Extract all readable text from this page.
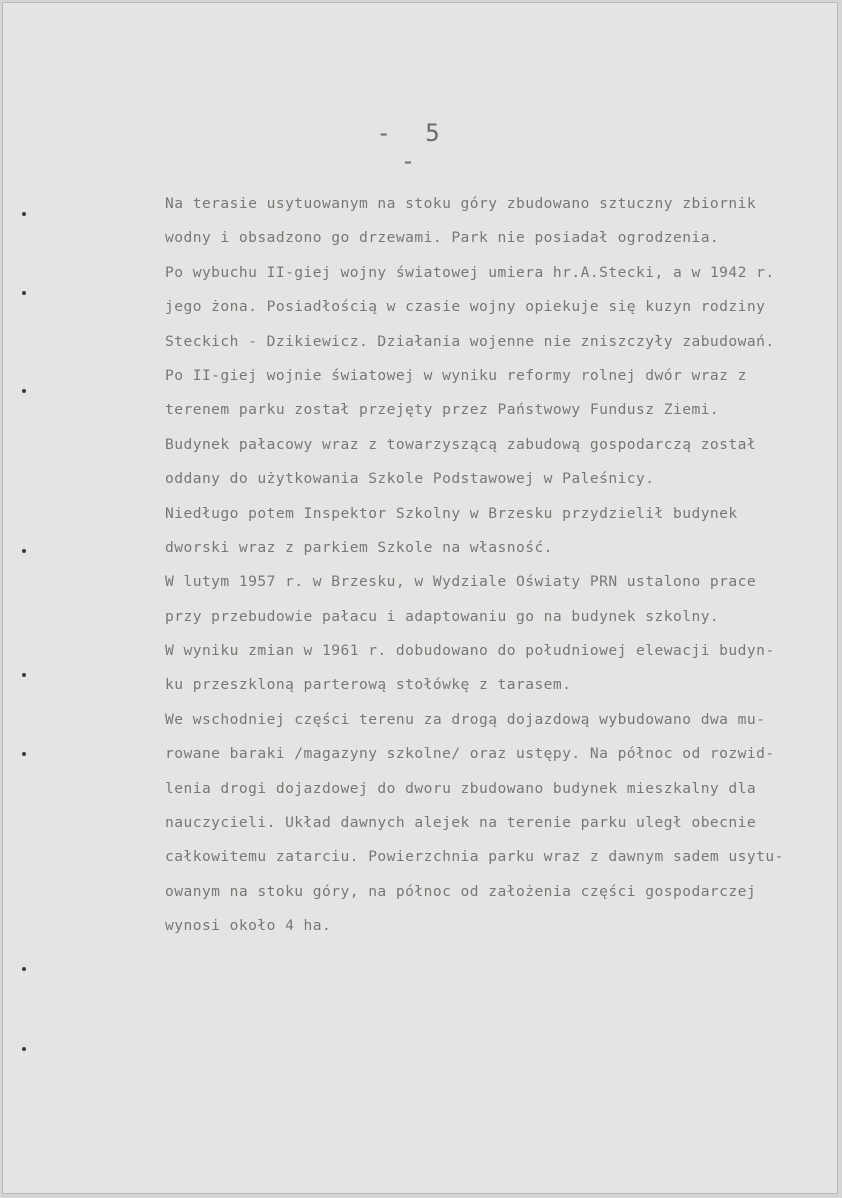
- 5 -
Na terasie usytuowanym na stoku góry zbudowano sztuczny zbiornik
wodny i obsadzono go drzewami. Park nie posiadał ogrodzenia.
Po wybuchu II-giej wojny światowej umiera hr.A.Stecki, a w 1942 r.
jego żona. Posiadłością w czasie wojny opiekuje się kuzyn rodziny
Steckich - Dzikiewicz. Działania wojenne nie zniszczyły zabudowań.
Po II-giej wojnie światowej w wyniku reformy rolnej dwór wraz z
terenem parku został przejęty przez Państwowy Fundusz Ziemi.
Budynek pałacowy wraz z towarzyszącą zabudową gospodarczą został
oddany do użytkowania Szkole Podstawowej w Paleśnicy.
Niedługo potem Inspektor Szkolny w Brzesku przydzielił budynek
dworski wraz z parkiem Szkole na własność.
W lutym 1957 r. w Brzesku, w Wydziale Oświaty PRN ustalono prace
przy przebudowie pałacu i adaptowaniu go na budynek szkolny.
W wyniku zmian w 1961 r. dobudowano do południowej elewacji budyn-
ku przeszkloną parterową stołówkę z tarasem.
We wschodniej części terenu za drogą dojazdową wybudowano dwa mu-
rowane baraki /magazyny szkolne/ oraz ustępy. Na północ od rozwid-
lenia drogi dojazdowej do dworu zbudowano budynek mieszkalny dla
nauczycieli. Układ dawnych alejek na terenie parku uległ obecnie
całkowitemu zatarciu. Powierzchnia parku wraz z dawnym sadem usytu-
owanym na stoku góry, na północ od założenia części gospodarczej
wynosi około 4 ha.
